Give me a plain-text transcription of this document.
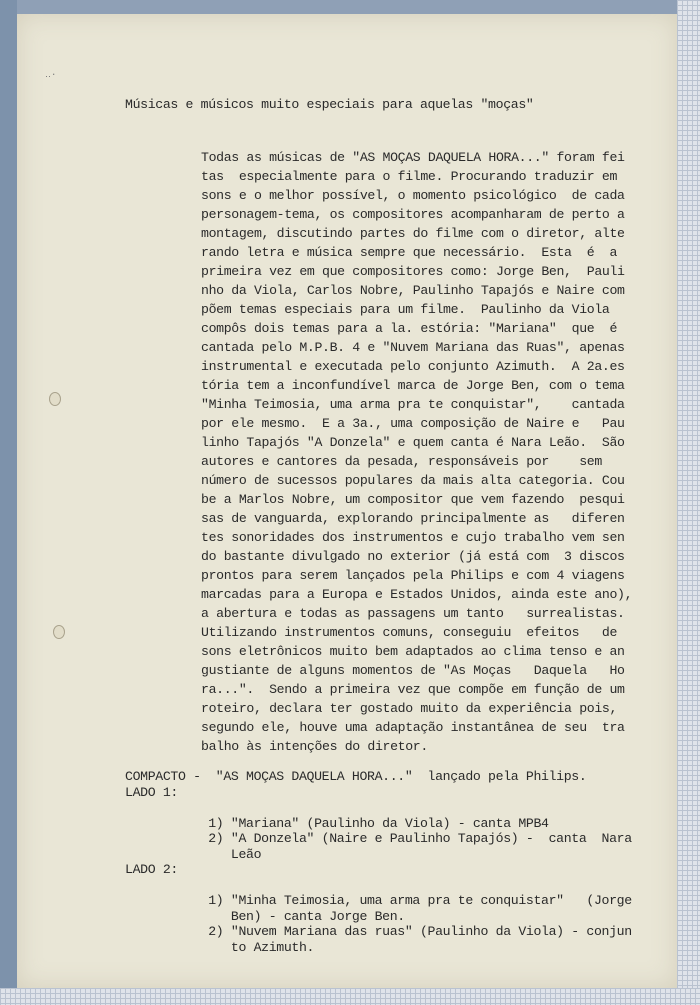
‥·
Músicas e músicos muito especiais para aquelas "moças"
Todas as músicas de "AS MOÇAS DAQUELA HORA..." foram fei
tas  especialmente para o filme. Procurando traduzir em
sons e o melhor possível, o momento psicológico  de cada
personagem-tema, os compositores acompanharam de perto a
montagem, discutindo partes do filme com o diretor, alte
rando letra e música sempre que necessário.  Esta  é  a
primeira vez em que compositores como: Jorge Ben,  Pauli
nho da Viola, Carlos Nobre, Paulinho Tapajós e Naire com
põem temas especiais para um filme.  Paulinho da Viola
compôs dois temas para a la. estória: "Mariana"  que  é
cantada pelo M.P.B. 4 e "Nuvem Mariana das Ruas", apenas
instrumental e executada pelo conjunto Azimuth.  A 2a.es
tória tem a inconfundível marca de Jorge Ben, com o tema
"Minha Teimosia, uma arma pra te conquistar",    cantada
por ele mesmo.  E a 3a., uma composição de Naire e   Pau
linho Tapajós "A Donzela" e quem canta é Nara Leão.  São
autores e cantores da pesada, responsáveis por    sem
número de sucessos populares da mais alta categoria. Cou
be a Marlos Nobre, um compositor que vem fazendo  pesqui
sas de vanguarda, explorando principalmente as   diferen
tes sonoridades dos instrumentos e cujo trabalho vem sen
do bastante divulgado no exterior (já está com  3 discos
prontos para serem lançados pela Philips e com 4 viagens
marcadas para a Europa e Estados Unidos, ainda este ano),
a abertura e todas as passagens um tanto   surrealistas.
Utilizando instrumentos comuns, conseguiu  efeitos   de
sons eletrônicos muito bem adaptados ao clima tenso e an
gustiante de alguns momentos de "As Moças   Daquela   Ho
ra...".  Sendo a primeira vez que compõe em função de um
roteiro, declara ter gostado muito da experiência pois,
segundo ele, houve uma adaptação instantânea de seu  tra
balho às intenções do diretor.
COMPACTO -  "AS MOÇAS DAQUELA HORA..."  lançado pela Philips.
LADO 1:
1) "Mariana" (Paulinho da Viola) - canta MPB4
2) "A Donzela" (Naire e Paulinho Tapajós) -  canta  Nara
Leão
LADO 2:
1) "Minha Teimosia, uma arma pra te conquistar"   (Jorge
Ben) - canta Jorge Ben.
2) "Nuvem Mariana das ruas" (Paulinho da Viola) - conjun
to Azimuth.
